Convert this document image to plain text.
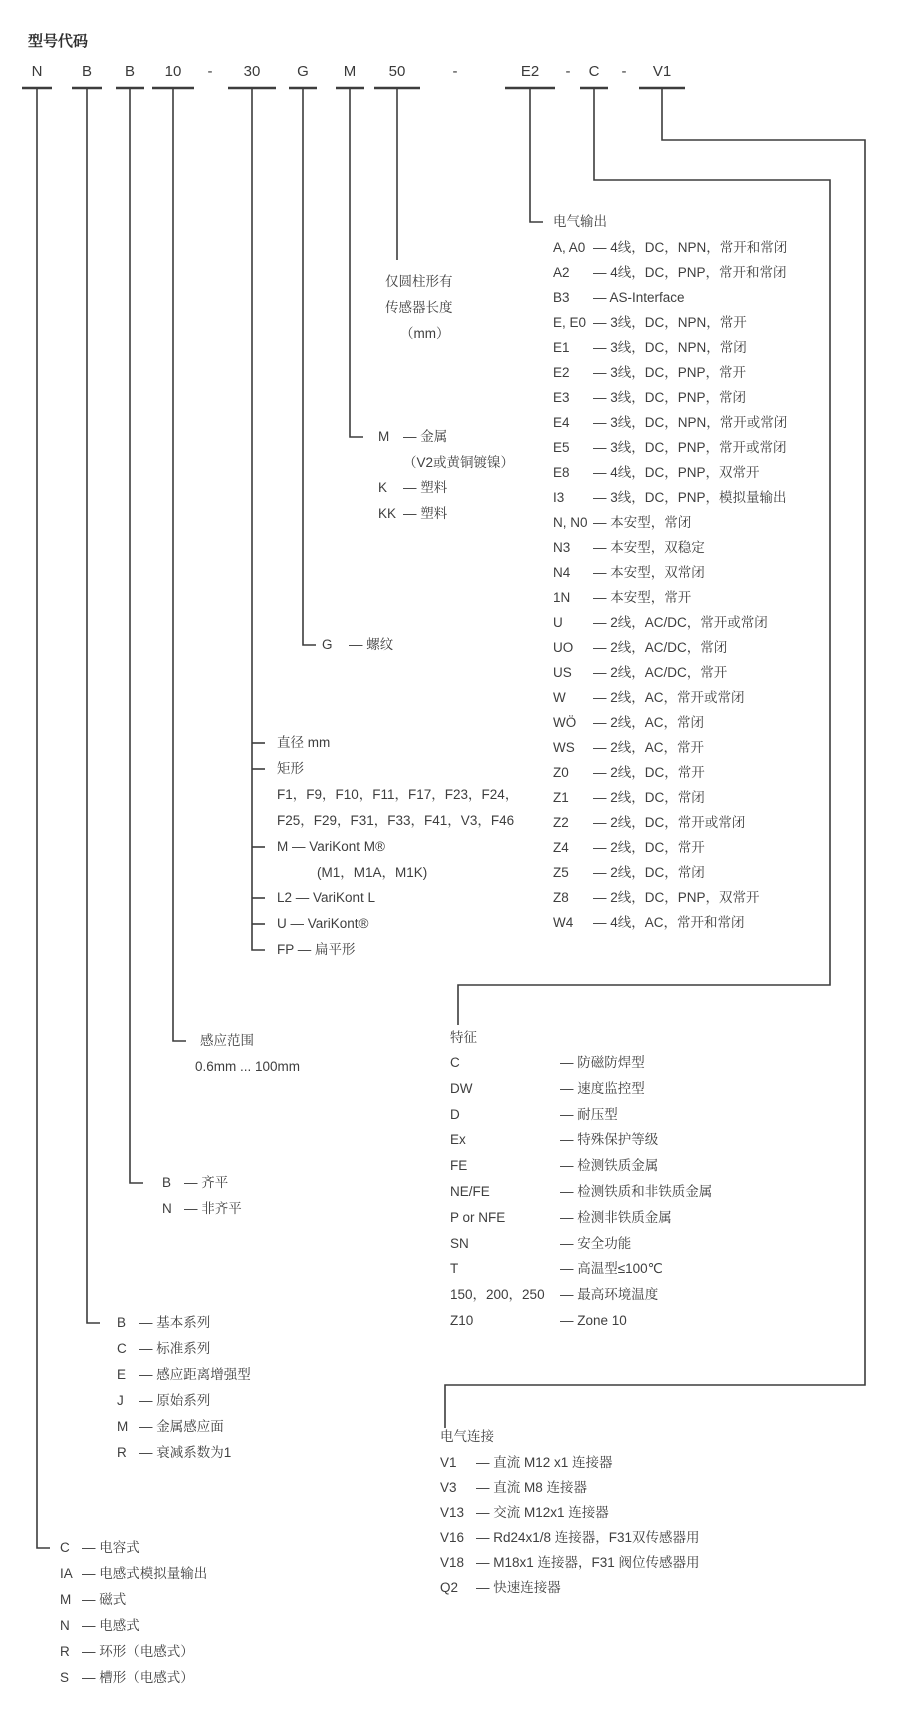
型号代码
N	B B 10 - 30 G M 50	-	E2 - C - V1
仅圆柱形有
传感器长度
（mm）
M	— 金属
（V2或黄铜镀镍）
K	— 塑料
KK — 塑料
G	— 螺纹
直径 mm
矩形
F1，F9，F10，F11，F17，F23，F24，
F25，F29，F31，F33，F41，V3，F46
M — VariKont M®
(M1，M1A，M1K)
L2 — VariKont L
U — VariKont®
FP — 扁平形
感应范围
0.6mm ... 100mm
B — 齐平
N — 非齐平
B — 基本系列
C — 标准系列
E — 感应距离增强型
J	— 原始系列
M — 金属感应面
R — 衰减系数为1
C — 电容式
IA — 电感式模拟量输出
M — 磁式
N — 电感式
R — 环形（电感式）
S — 槽形（电感式）
电气输出
A, A0 — 4线，DC，NPN，常开和常闭
A2	— 4线，DC，PNP，常开和常闭
B3	— AS-Interface
E, E0 — 3线，DC，NPN，常开
E1	— 3线，DC，NPN，常闭
E2	— 3线，DC，PNP，常开
E3	— 3线，DC，PNP，常闭
E4	— 3线，DC，NPN，常开或常闭
E5	— 3线，DC，PNP，常开或常闭
E8	— 4线，DC，PNP，双常开
I3	— 3线，DC，PNP，模拟量输出
N, N0 — 本安型，常闭
N3	— 本安型，双稳定
N4	— 本安型，双常闭
1N	— 本安型，常开
U	— 2线，AC/DC，常开或常闭
UO	— 2线，AC/DC，常闭
US	— 2线，AC/DC，常开
W	— 2线，AC，常开或常闭
WÖ	— 2线，AC，常闭
WS	— 2线，AC，常开
Z0	— 2线，DC，常开
Z1	— 2线，DC，常闭
Z2	— 2线，DC，常开或常闭
Z4	— 2线，DC，常开
Z5	— 2线，DC，常闭
Z8	— 2线，DC，PNP，双常开
W4	— 4线，AC，常开和常闭
特征
C	— 防磁防焊型
DW	— 速度监控型
D	— 耐压型
Ex	— 特殊保护等级
FE	— 检测铁质金属
NE/FE	— 检测铁质和非铁质金属
P or NFE	— 检测非铁质金属
SN	— 安全功能
T	— 高温型≤100℃
150，200，250	— 最高环境温度
Z10	— Zone 10
电气连接
V1	— 直流 M12 x1 连接器
V3	— 直流 M8 连接器
V13 — 交流 M12x1 连接器
V16 — Rd24x1/8 连接器，F31双传感器用
V18 — M18x1 连接器，F31 阀位传感器用
Q2	— 快速连接器
